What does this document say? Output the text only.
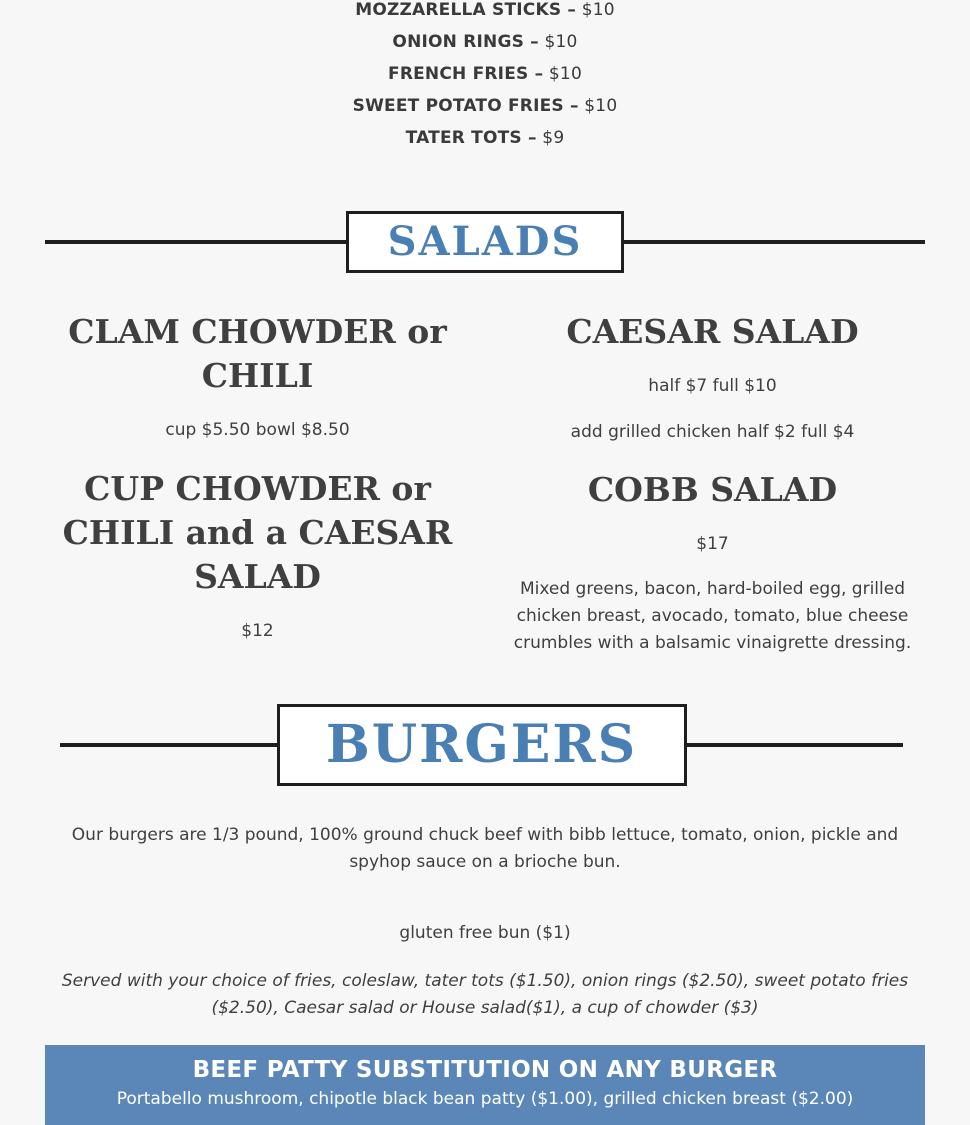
MOZZARELLA STICKS – $10
ONION RINGS – $10
FRENCH FRIES – $10
SWEET POTATO FRIES – $10
TATER TOTS – $9
SALADS
CLAM CHOWDER or CHILI
cup $5.50 bowl $8.50
CUP CHOWDER or CHILI and a CAESAR SALAD
$12
CAESAR SALAD
half $7 full $10
add grilled chicken half $2 full $4
COBB SALAD
$17
Mixed greens, bacon, hard-boiled egg, grilled chicken breast, avocado, tomato, blue cheese crumbles with a balsamic vinaigrette dressing.
BURGERS
Our burgers are 1/3 pound, 100% ground chuck beef with bibb lettuce, tomato, onion, pickle and spyhop sauce on a brioche bun.
gluten free bun ($1)
Served with your choice of fries, coleslaw, tater tots ($1.50), onion rings ($2.50), sweet potato fries ($2.50), Caesar salad or House salad($1), a cup of chowder ($3)
BEEF PATTY SUBSTITUTION ON ANY BURGER
Portabello mushroom, chipotle black bean patty ($1.00), grilled chicken breast ($2.00)
